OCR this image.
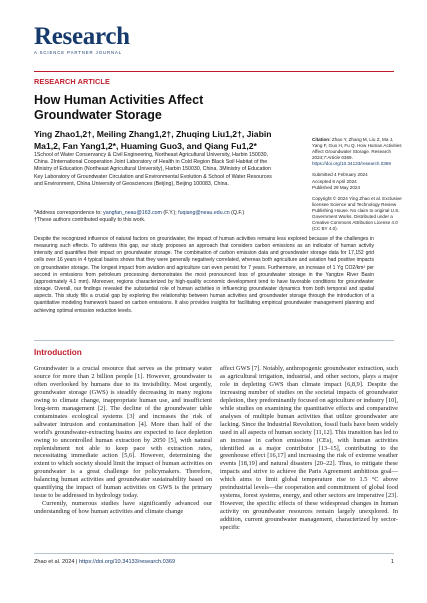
Research
A SCIENCE PARTNER JOURNAL
RESEARCH ARTICLE
How Human Activities Affect Groundwater Storage
Ying Zhao1,2†, Meiling Zhang1,2†, Zhuqing Liu1,2†, Jiabin Ma1,2, Fan Yang1,2*, Huaming Guo3, and Qiang Fu1,2*
1School of Water Conservancy & Civil Engineering, Northeast Agricultural University, Harbin 150030, China. 2International Cooperation Joint Laboratory of Health in Cold Region Black Soil Habitat of the Ministry of Education (Northeast Agricultural University), Harbin 150030, China. 3Ministry of Education Key Laboratory of Groundwater Circulation and Environmental Evolution & School of Water Resources and Environment, China University of Geosciences (Beijing), Beijing 100083, China.
*Address correspondence to: yangfan_neau@163.com (F.Y.); fuqiang@neau.edu.cn (Q.F.)
†These authors contributed equally to this work.

Citation: Zhao Y, Zhang M, Liu Z, Ma J, Yang F, Guo H, Fu Q. How Human Activities Affect Groundwater Storage. Research 2024;7:Article 0369. https://doi.org/10.34133/research.0369

Submitted 4 February 2024
Accepted 8 April 2024
Published 29 May 2024

Copyright © 2024 Ying Zhao et al. Exclusive licensee Science and Technology Review Publishing House. No claim to original U.S. Government Works. Distributed under a Creative Commons Attribution License 4.0 (CC BY 4.0).

Despite the recognized influence of natural factors on groundwater, the impact of human activities remains less explored because of the challenges in measuring such effects. To address this gap, our study proposes an approach that considers carbon emissions as an indicator of human activity intensity and quantifies their impact on groundwater storage. The combination of carbon emission data and groundwater storage data for 17,152 grid cells over 16 years in 4 typical basins shows that they were generally negatively correlated, whereas both agriculture and aviation had positive impacts on groundwater storage. The longest impact from aviation and agriculture can even persist for 7 years. Furthermore, an increase of 1 Yg CO2/km² per second in emissions from petroleum processing demonstrates the most pronounced loss of groundwater storage in the Yangtze River Basin (approximately 4.1 mm). Moreover, regions characterized by high-quality economic development tend to have favorable conditions for groundwater storage. Overall, our findings revealed the substantial role of human activities in influencing groundwater dynamics from both temporal and spatial aspects. This study fills a crucial gap by exploring the relationship between human activities and groundwater storage through the introduction of a quantitative modeling framework based on carbon emissions. It also provides insights for facilitating empirical groundwater management planning and achieving optimal emission reduction levels.
Introduction

Groundwater is a crucial resource that serves as the primary water source for more than 2 billion people [1]. However, groundwater is often overlooked by humans due to its invisibility. Most urgently, groundwater storage (GWS) is steadily decreasing in many regions owing to climate change, inappropriate human use, and insufficient long-term management [2]. The decline of the groundwater table contaminates ecological systems [3] and increases the risk of saltwater intrusion and contamination [4]. More than half of the world's groundwater-extracting basins are expected to face depletion owing to uncontrolled human extraction by 2050 [5], with natural replenishment not able to keep pace with extraction rates, necessitating immediate action [5,6]. However, determining the extent to which society should limit the impact of human activities on groundwater is a great challenge for policymakers. Therefore, balancing human activities and groundwater sustainability based on quantifying the impact of human activities on GWS is the primary issue to be addressed in hydrology today.

Currently, numerous studies have significantly advanced our understanding of how human activities and climate change

affect GWS [7]. Notably, anthropogenic groundwater extraction, such as agricultural irrigation, industrial, and other sectors, plays a major role in depleting GWS than climate impact [6,8,9]. Despite the increasing number of studies on the societal impacts of groundwater depletion, they predominantly focused on agriculture or industry [10], while studies on examining the quantitative effects and comparative analyses of multiple human activities that utilize groundwater are lacking. Since the Industrial Revolution, fossil fuels have been widely used in all aspects of human society [11,12]. This transition has led to an increase in carbon emissions (CEs), with human activities identified as a major contributor [13–15], contributing to the greenhouse effect [16,17] and increasing the risk of extreme weather events [18,19] and natural disasters [20–22]. Thus, to mitigate these impacts and strive to achieve the Paris Agreement ambitious goal—which aims to limit global temperature rise to 1.5 °C above preindustrial levels—the cooperation and commitment of global food systems, forest systems, energy, and other sectors are imperative [23]. However, the specific effects of these widespread changes in human activity on groundwater resources remain largely unexplored. In addition, current groundwater management, characterized by sector-specific

Zhao et al. 2024 | https://doi.org/10.34133/research.0369	1
